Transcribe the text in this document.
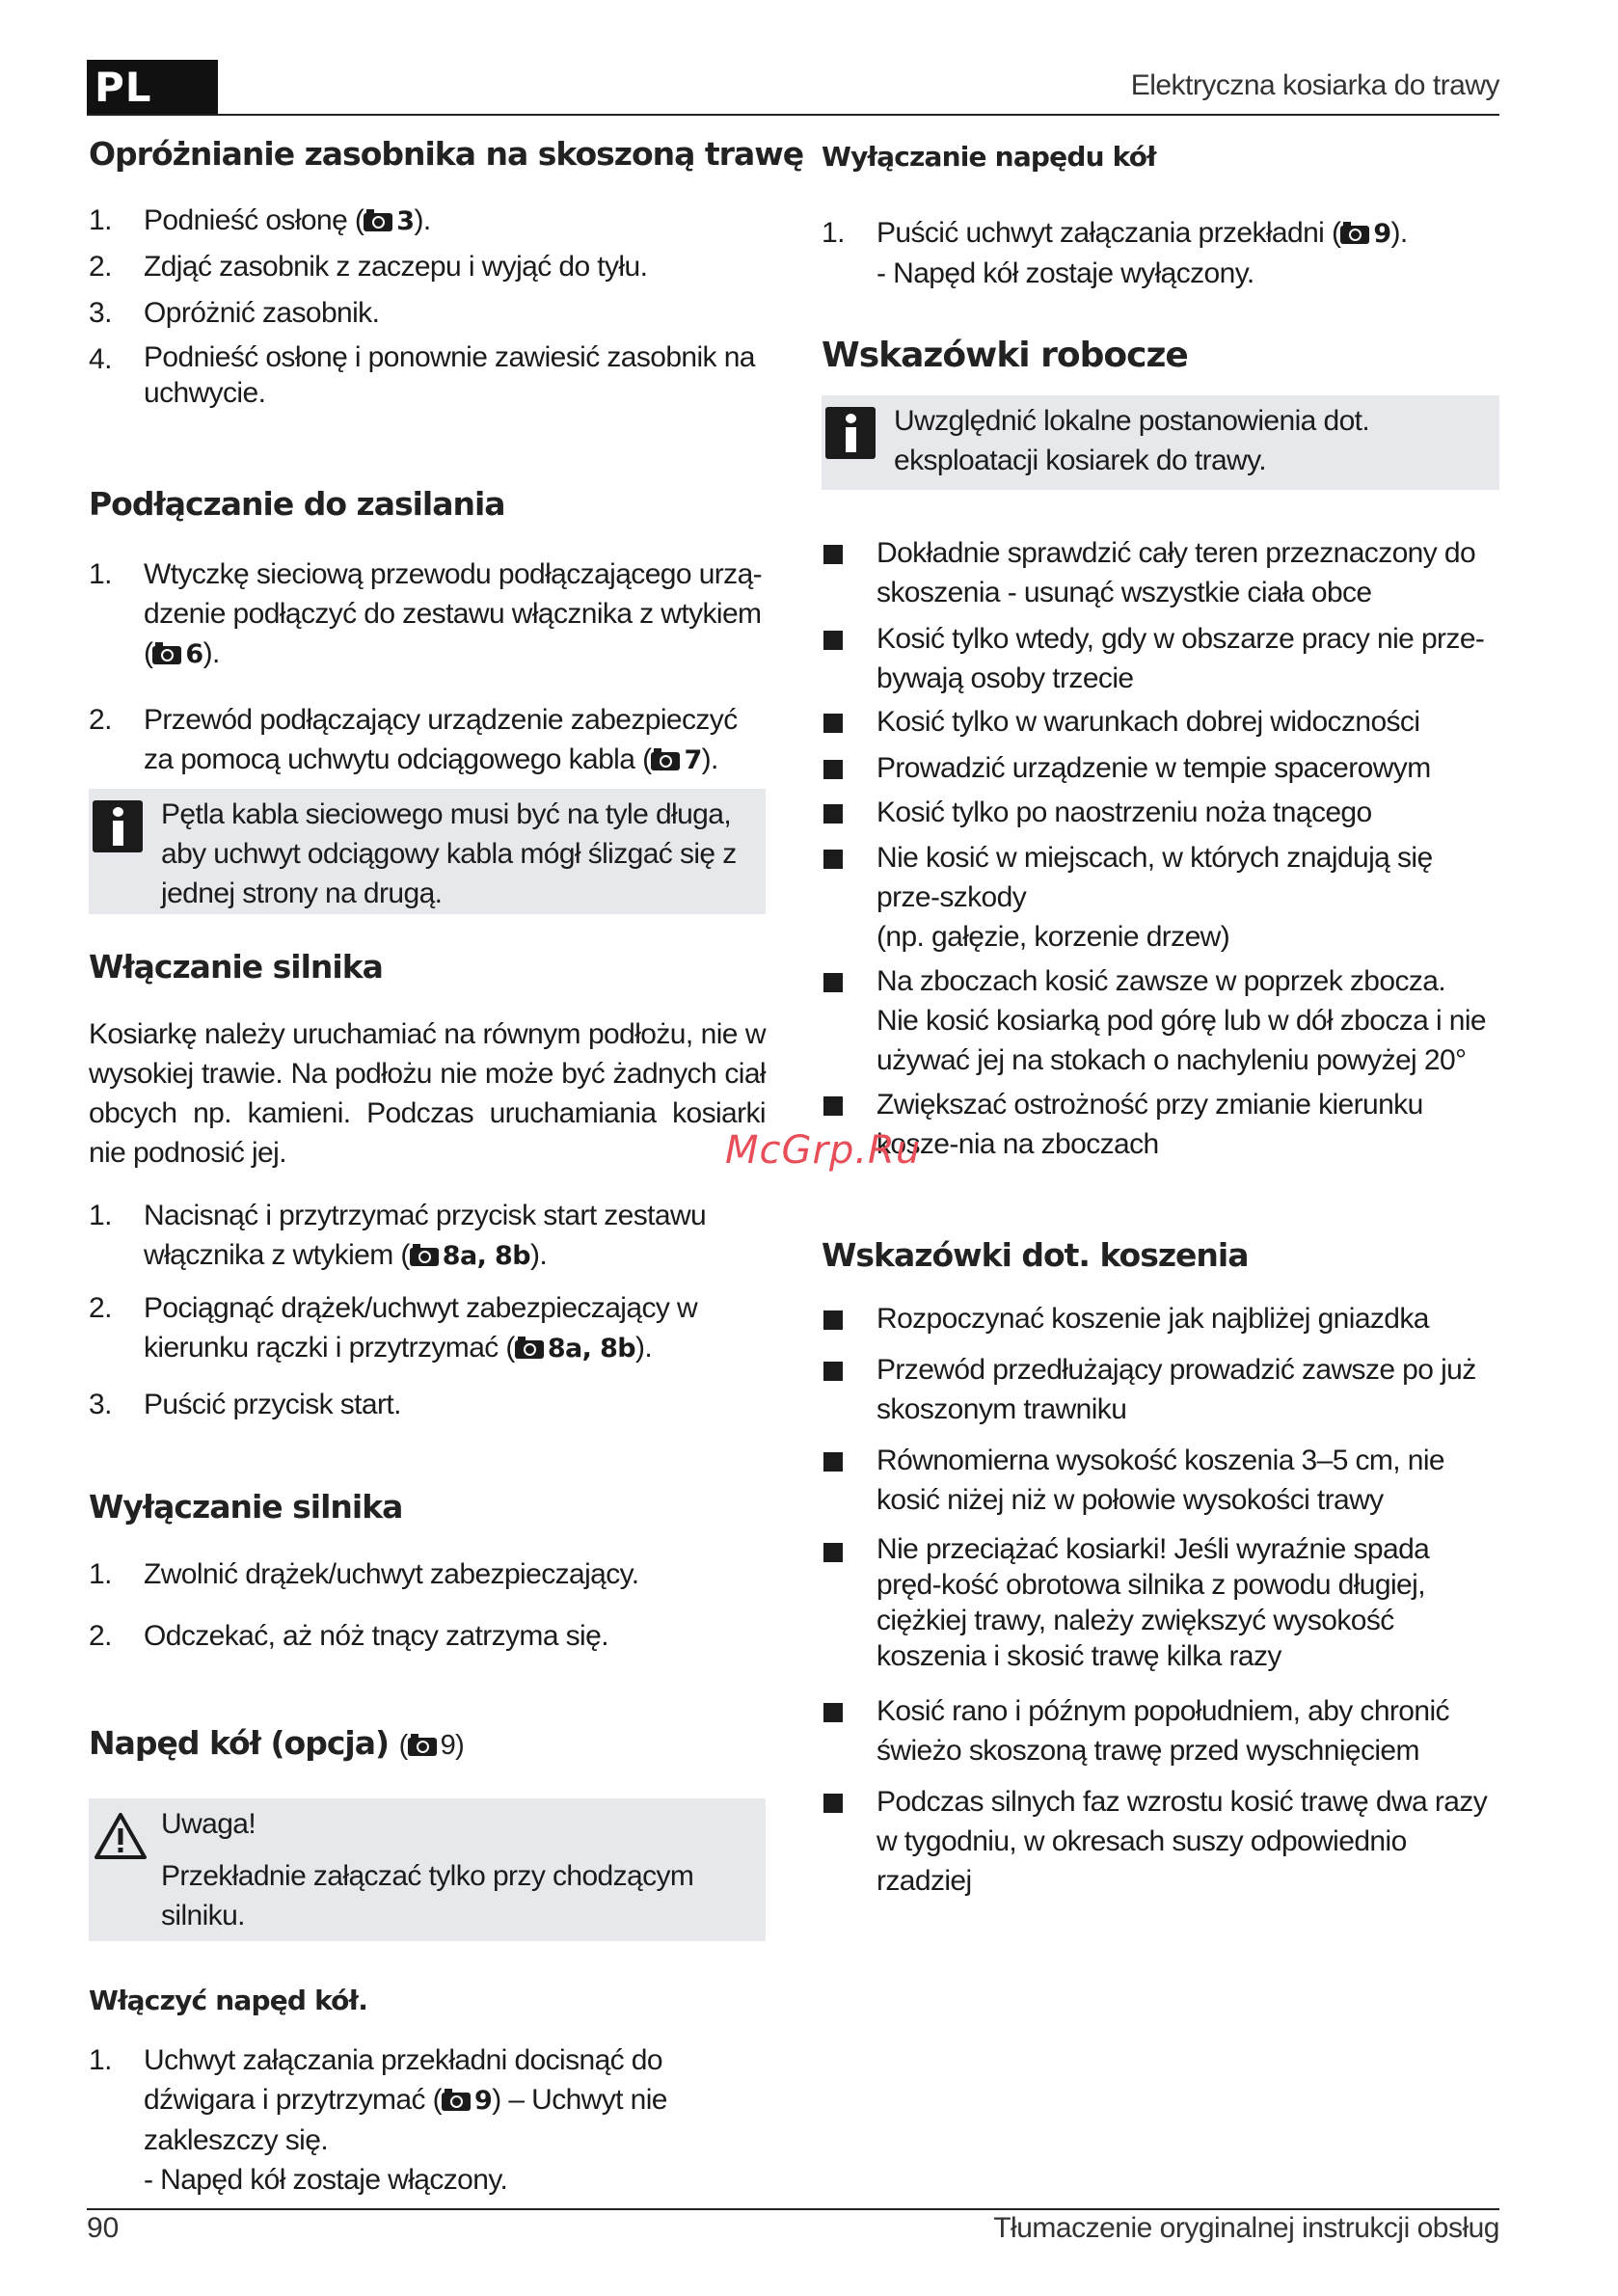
PL	Elektryczna kosiarka do trawy
Opróżnianie zasobnika na skoszoną trawę
1. Podnieść osłonę ( 3).
2. Zdjąć zasobnik z zaczepu i wyjąć do tyłu.
3. Opróżnić zasobnik.
4. Podnieść osłonę i ponownie zawiesić zasobnik na uchwycie.
Podłączanie do zasilania
1. Wtyczkę sieciową przewodu podłączającego urzą-dzenie podłączyć do zestawu włącznika z wtykiem ( 6).
2. Przewód podłączający urządzenie zabezpieczyć za pomocą uchwytu odciągowego kabla ( 7).
Pętla kabla sieciowego musi być na tyle długa, aby uchwyt odciągowy kabla mógł ślizgać się z jednej strony na drugą.
Włączanie silnika
Kosiarkę należy uruchamiać na równym podłożu, nie w wysokiej trawie. Na podłożu nie może być żadnych ciał obcych np. kamieni. Podczas uruchamiania kosiarki nie podnosić jej.
1. Nacisnąć i przytrzymać przycisk start zestawu włącznika z wtykiem ( 8a, 8b).
2. Pociągnąć drążek/uchwyt zabezpieczający w kierunku rączki i przytrzymać ( 8a, 8b).
3. Puścić przycisk start.
Wyłączanie silnika
1. Zwolnić drążek/uchwyt zabezpieczający.
2. Odczekać, aż nóż tnący zatrzyma się.
Napęd kół (opcja) ( 9)
Uwaga!
Przekładnie załączać tylko przy chodzącym silniku.
Włączyć napęd kół.
1. Uchwyt załączania przekładni docisnąć do dźwigara i przytrzymać ( 9) – Uchwyt nie zakleszczy się.
- Napęd kół zostaje włączony.
Wyłączanie napędu kół
1. Puścić uchwyt załączania przekładni ( 9).
- Napęd kół zostaje wyłączony.
Wskazówki robocze
Uwzględnić lokalne postanowienia dot. eksploatacji kosiarek do trawy.
Dokładnie sprawdzić cały teren przeznaczony do skoszenia - usunąć wszystkie ciała obce
Kosić tylko wtedy, gdy w obszarze pracy nie prze-bywają osoby trzecie
Kosić tylko w warunkach dobrej widoczności
Prowadzić urządzenie w tempie spacerowym
Kosić tylko po naostrzeniu noża tnącego
Nie kosić w miejscach, w których znajdują się prze-szkody
(np. gałęzie, korzenie drzew)
Na zboczach kosić zawsze w poprzek zbocza.
Nie kosić kosiarką pod górę lub w dół zbocza i nie używać jej na stokach o nachyleniu powyżej 20°
Zwiększać ostrożność przy zmianie kierunku kosze-nia na zboczach
Wskazówki dot. koszenia
Rozpoczynać koszenie jak najbliżej gniazdka
Przewód przedłużający prowadzić zawsze po już skoszonym trawniku
Równomierna wysokość koszenia 3–5 cm, nie kosić niżej niż w połowie wysokości trawy
Nie przeciążać kosiarki! Jeśli wyraźnie spada pręd-kość obrotowa silnika z powodu długiej, ciężkiej trawy, należy zwiększyć wysokość koszenia i skosić trawę kilka razy
Kosić rano i późnym popołudniem, aby chronić świeżo skoszoną trawę przed wyschnięciem
Podczas silnych faz wzrostu kosić trawę dwa razy w tygodniu, w okresach suszy odpowiednio rzadziej
McGrp.Ru
90	Tłumaczenie oryginalnej instrukcji obsług
